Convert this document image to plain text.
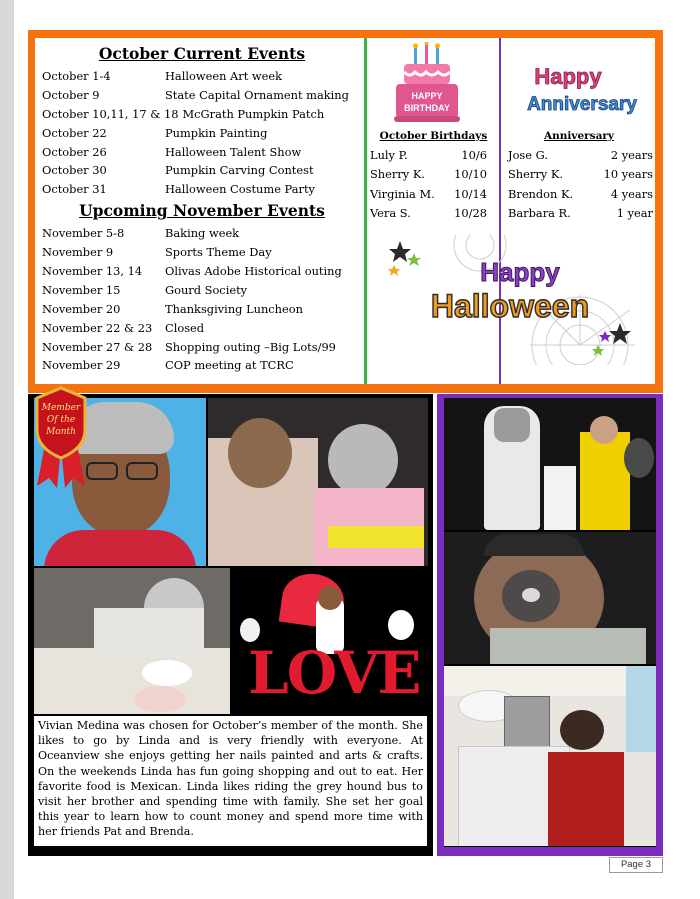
October Current Events
October 1-4	Halloween Art week
October 9	State Capital Ornament making
October 10,11, 17 & 18 McGrath Pumpkin Patch
October 22	Pumpkin Painting
October 26	Halloween Talent Show
October 30	Pumpkin Carving Contest
October 31	Halloween Costume Party
Upcoming November Events
November 5-8	Baking week
November 9	Sports Theme Day
November 13, 14	Olivas Adobe Historical outing
November 15	Gourd Society
November 20	Thanksgiving Luncheon
November 22 & 23	Closed
November 27 & 28	Shopping outing –Big Lots/99
November 29	COP meeting at TCRC
HAPPY
BIRTHDAY
Happy
Anniversary
October Birthdays
Luly P.	10/6
Sherry K.	10/10
Virginia M. 10/14
Vera S.	10/28
Anniversary
Jose G.	2 years
Sherry K.	10 years
Brendon K.	4 years
Barbara R.	1 year
Happy
Halloween
LOVE
Member
Of the
Month
Vivian Medina was chosen for October’s member of the month. She likes to go by Linda and is very friendly with everyone. At Oceanview she enjoys getting her nails painted and arts & crafts. On the weekends Linda has fun going shopping and out to eat. Her favorite food is Mexican. Linda likes riding the grey hound bus to visit her brother and spending time with family. She set her goal this year to learn how to count money and spend more time with her friends Pat and Brenda.
Page 3
